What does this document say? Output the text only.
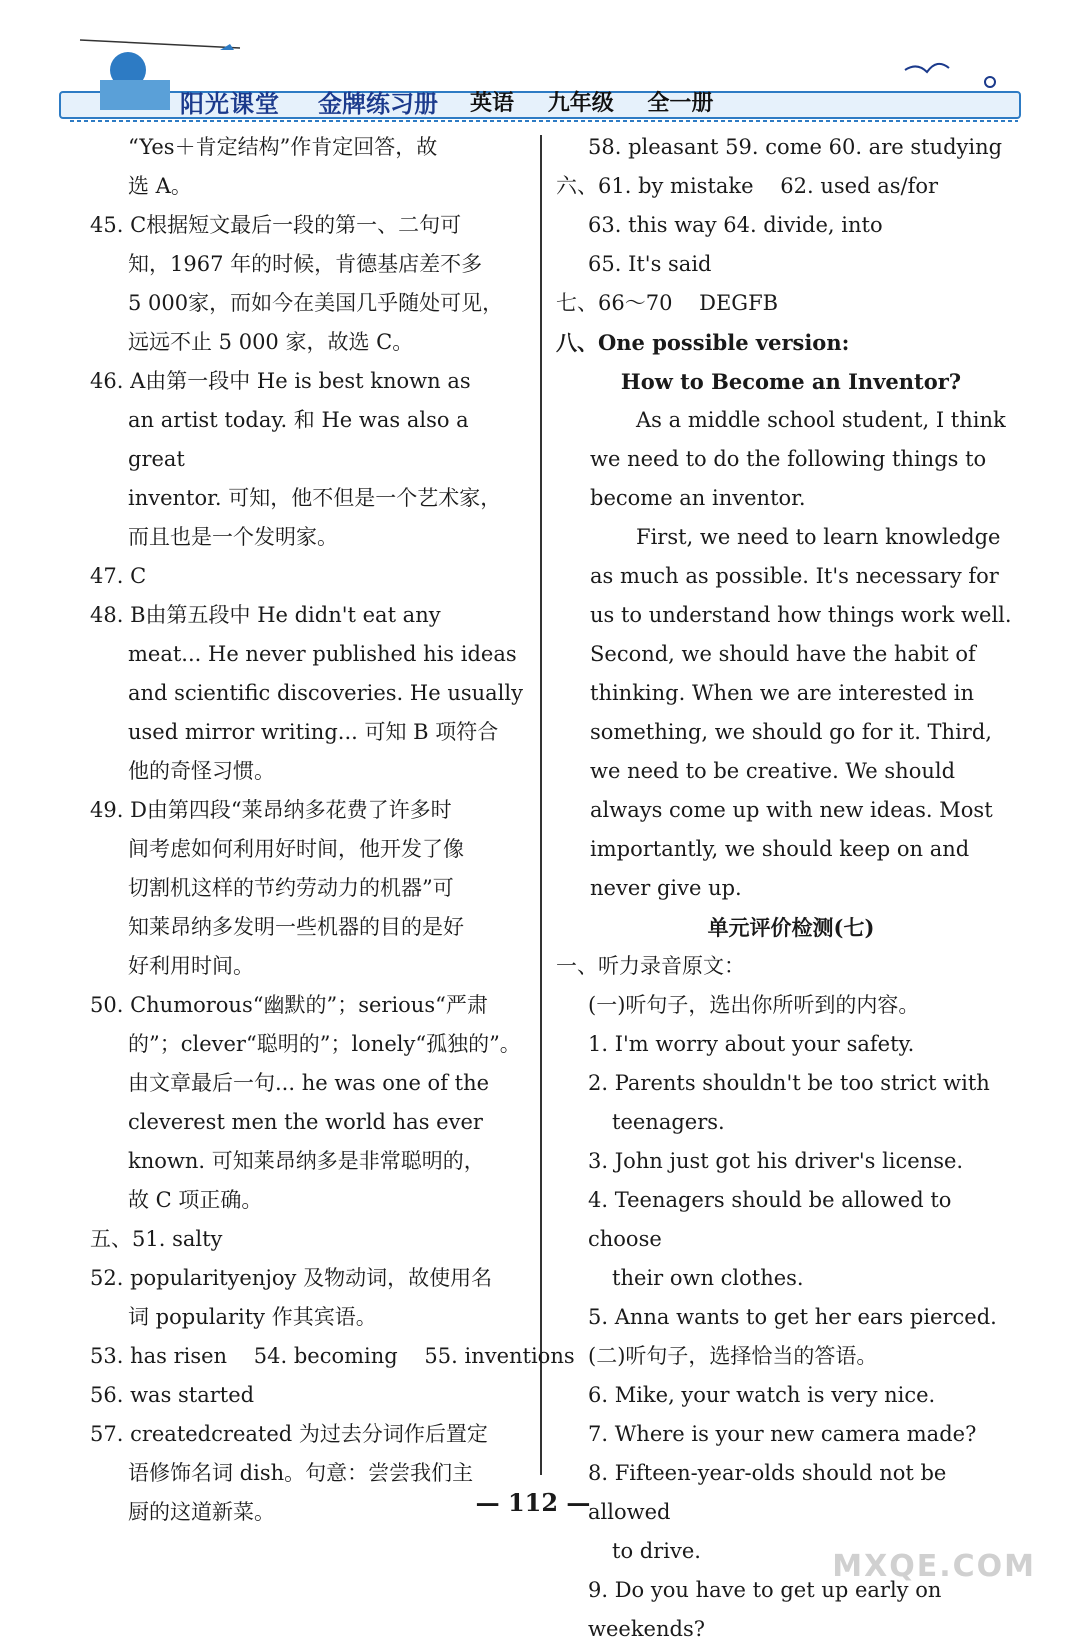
阳光课堂 金牌练习册 英语 九年级 全一册
“Yes＋肯定结构”作肯定回答，故
选 A。
45. C 根据短文最后一段的第一、二句可
知，1967 年的时候，肯德基店差不多
5 000家，而如今在美国几乎随处可见，
远远不止 5 000 家，故选 C。
46. A 由第一段中 He is best known as
an artist today. 和 He was also a great
inventor. 可知，他不但是一个艺术家，
而且也是一个发明家。
47. C
48. B 由第五段中 He didn't eat any
meat... He never published his ideas
and scientific discoveries. He usually
used mirror writing... 可知 B 项符合
他的奇怪习惯。
49. D 由第四段“莱昂纳多花费了许多时
间考虑如何利用好时间，他开发了像
切割机这样的节约劳动力的机器”可
知莱昂纳多发明一些机器的目的是好
好利用时间。
50. C humorous“幽默的”；serious“严肃
的”；clever“聪明的”；lonely“孤独的”。
由文章最后一句... he was one of the
cleverest men the world has ever
known. 可知莱昂纳多是非常聪明的，
故 C 项正确。
五、51. salty
52. popularity enjoy 及物动词，故使用名
词 popularity 作其宾语。
53. has risen    54. becoming    55. inventions
56. was started
57. created created 为过去分词作后置定
语修饰名词 dish。句意：尝尝我们主
厨的这道新菜。
58. pleasant 59. come 60. are studying
六、61. by mistake    62. used as/for
63. this way 64. divide, into
65. It's said
七、66～70    DEGFB
八、One possible version:
How to Become an Inventor?
As a middle school student, I think we need to do the following things to become an inventor.
First, we need to learn knowledge as much as possible. It's necessary for us to understand how things work well. Second, we should have the habit of thinking. When we are interested in something, we should go for it. Third, we need to be creative. We should always come up with new ideas. Most importantly, we should keep on and never give up.
单元评价检测(七)
一、听力录音原文：
(一)听句子，选出你所听到的内容。
1. I'm worry about your safety.
2. Parents shouldn't be too strict with
teenagers.
3. John just got his driver's license.
4. Teenagers should be allowed to choose
their own clothes.
5. Anna wants to get her ears pierced.
(二)听句子，选择恰当的答语。
6. Mike, your watch is very nice.
7. Where is your new camera made?
8. Fifteen-year-olds should not be allowed
to drive.
9. Do you have to get up early on weekends?
— 112 —
MXQE.COM
